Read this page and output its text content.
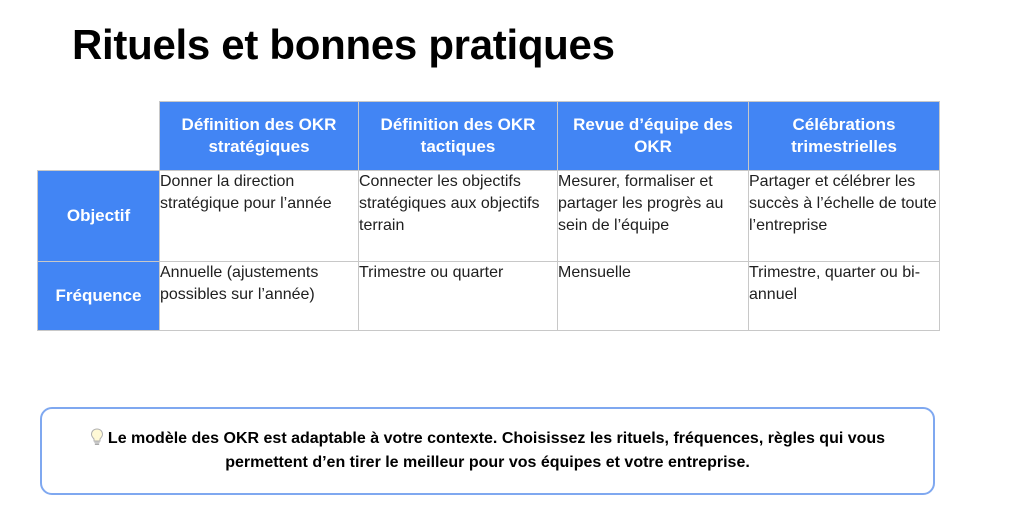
Rituels et bonnes pratiques
	Définition des OKR stratégiques	Définition des OKR tactiques	Revue d’équipe des OKR	Célébrations trimestrielles
Objectif	Donner la direction stratégique pour l’année	Connecter les objectifs stratégiques aux objectifs terrain	Mesurer, formaliser et partager les progrès au sein de l’équipe	Partager et célébrer les succès à l’échelle de toute l’entreprise
Fréquence	Annuelle (ajustements possibles sur l’année)	Trimestre ou quarter	Mensuelle	Trimestre, quarter ou bi-annuel
Le modèle des OKR est adaptable à votre contexte. Choisissez les rituels, fréquences, règles qui vous permettent d’en tirer le meilleur pour vos équipes et votre entreprise.
